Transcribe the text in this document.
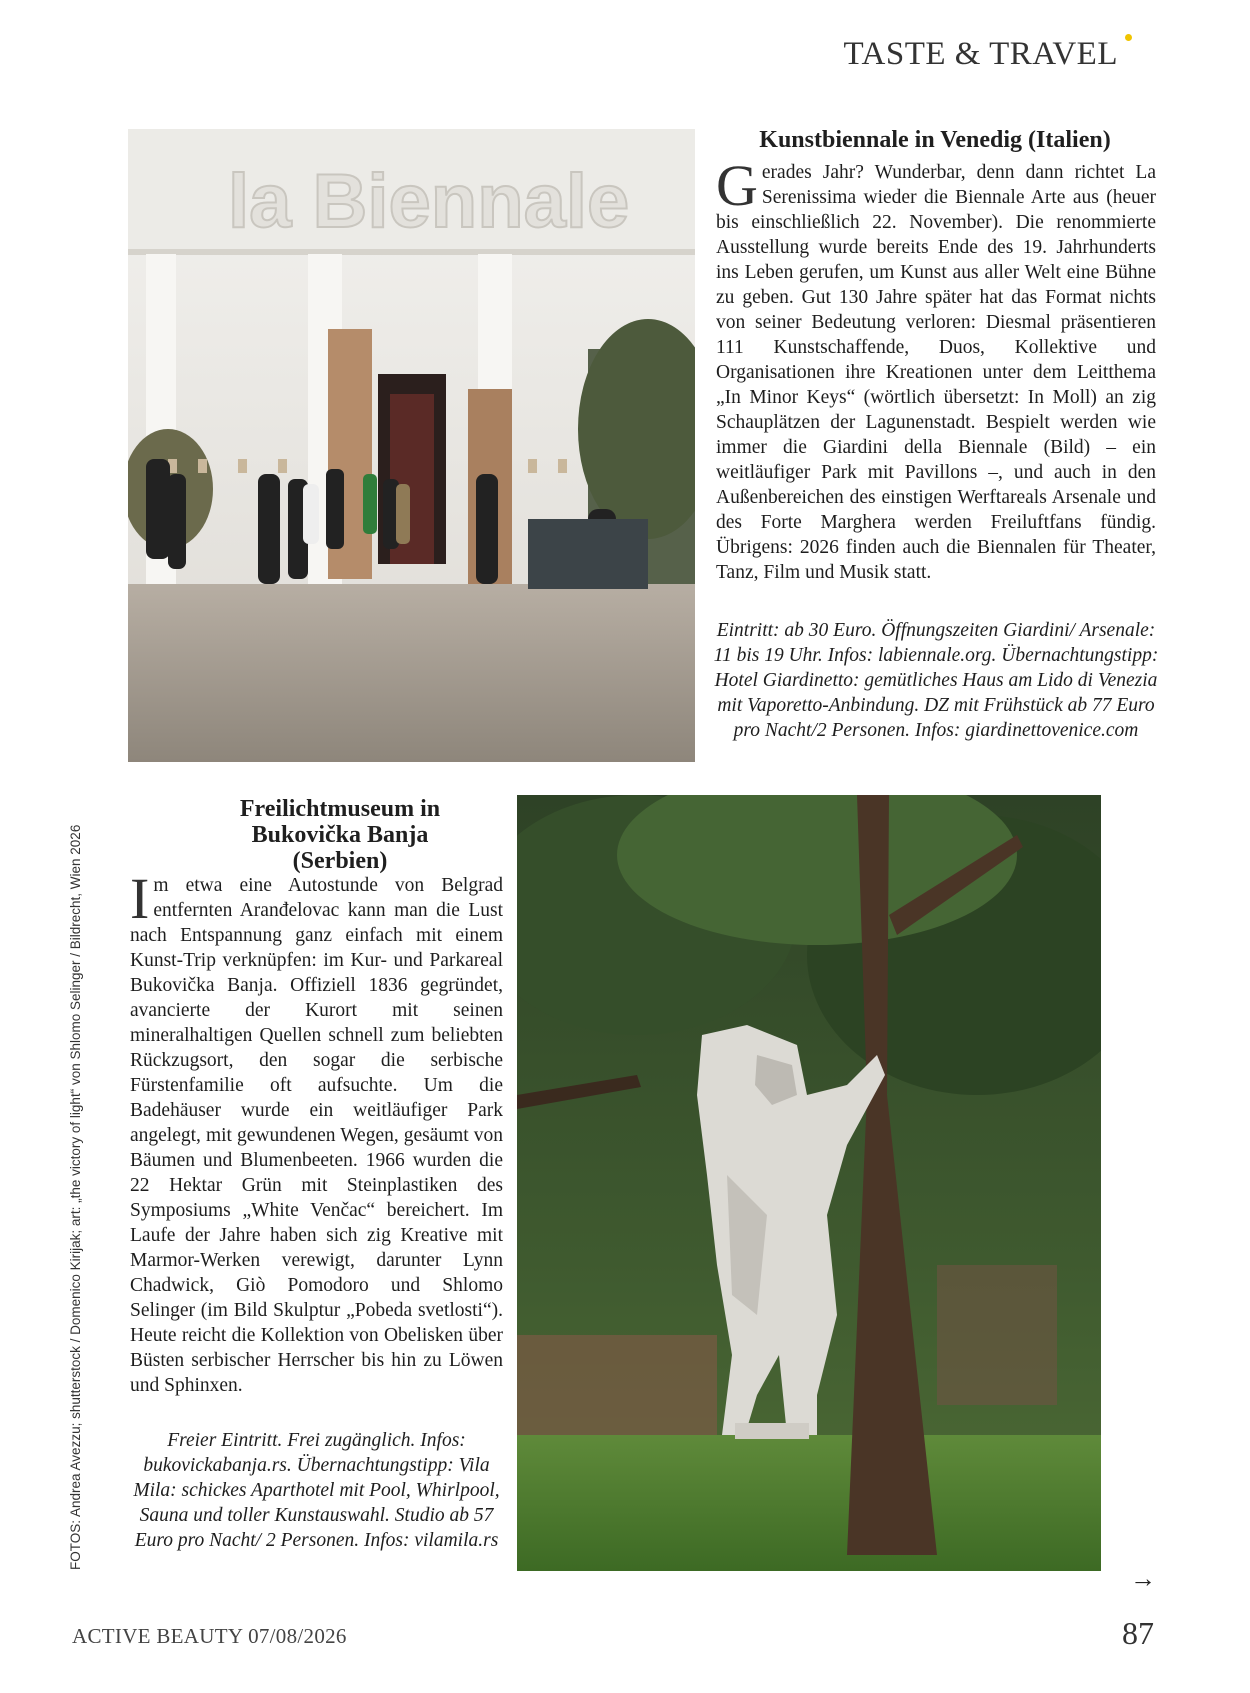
TASTE & TRAVEL
la Biennale
Kunstbiennale in Venedig (Italien)

Gerades Jahr? Wunderbar, denn dann richtet La Serenissima wieder die Biennale Arte aus (heuer bis einschließlich 22. November). Die renommierte Ausstellung wurde bereits Ende des 19. Jahrhunderts ins Leben gerufen, um Kunst aus aller Welt eine Bühne zu geben. Gut 130 Jahre später hat das Format nichts von seiner Bedeutung verloren: Diesmal präsentieren 111 Kunstschaffende, Duos, Kollektive und Organisationen ihre Kreationen unter dem Leitthema „In Minor Keys“ (wörtlich übersetzt: In Moll) an zig Schauplätzen der Lagunenstadt. Bespielt werden wie immer die Giardini della Biennale (Bild) – ein weitläufiger Park mit Pavillons –, und auch in den Außenbereichen des einstigen Werftareals Arsenale und des Forte Marghera werden Freiluftfans fündig. Übrigens: 2026 finden auch die Biennalen für Theater, Tanz, Film und Musik statt.

Eintritt: ab 30 Euro. Öffnungszeiten Giardini/ Arsenale: 11 bis 19 Uhr. Infos: labiennale.org. Übernachtungstipp: Hotel Giardinetto: gemütliches Haus am Lido di Venezia mit Vaporetto-Anbindung. DZ mit Frühstück ab 77 Euro pro Nacht/2 Personen. Infos: giardinettovenice.com

Freilichtmuseum in
Bukovička Banja
(Serbien)

Im etwa eine Autostunde von Belgrad entfernten Aranđelovac kann man die Lust nach Entspannung ganz einfach mit einem Kunst-Trip verknüpfen: im Kur- und Parkareal Bukovička Banja. Offiziell 1836 gegründet, avancierte der Kurort mit seinen mineralhaltigen Quellen schnell zum beliebten Rückzugsort, den sogar die serbische Fürstenfamilie oft aufsuchte. Um die Badehäuser wurde ein weitläufiger Park angelegt, mit gewundenen Wegen, gesäumt von Bäumen und Blumenbeeten. 1966 wurden die 22 Hektar Grün mit Steinplastiken des Symposiums „White Venčac“ bereichert. Im Laufe der Jahre haben sich zig Kreative mit Marmor-Werken verewigt, darunter Lynn Chadwick, Giò Pomodoro und Shlomo Selinger (im Bild Skulptur „Pobeda svetlosti“). Heute reicht die Kollektion von Obelisken über Büsten serbischer Herrscher bis hin zu Löwen und Sphinxen.

Freier Eintritt. Frei zugänglich. Infos: bukovickabanja.rs. Übernachtungstipp: Vila Mila: schickes Aparthotel mit Pool, Whirlpool, Sauna und toller Kunstauswahl. Studio ab 57 Euro pro Nacht/ 2 Personen. Infos: vilamila.rs

FOTOS: Andrea Avezzu; shutterstock / Domenico Kirijak; art: „the victory of light“ von Shlomo Selinger / Bildrecht, Wien 2026
→
ACTIVE BEAUTY 07/08/2026	87
